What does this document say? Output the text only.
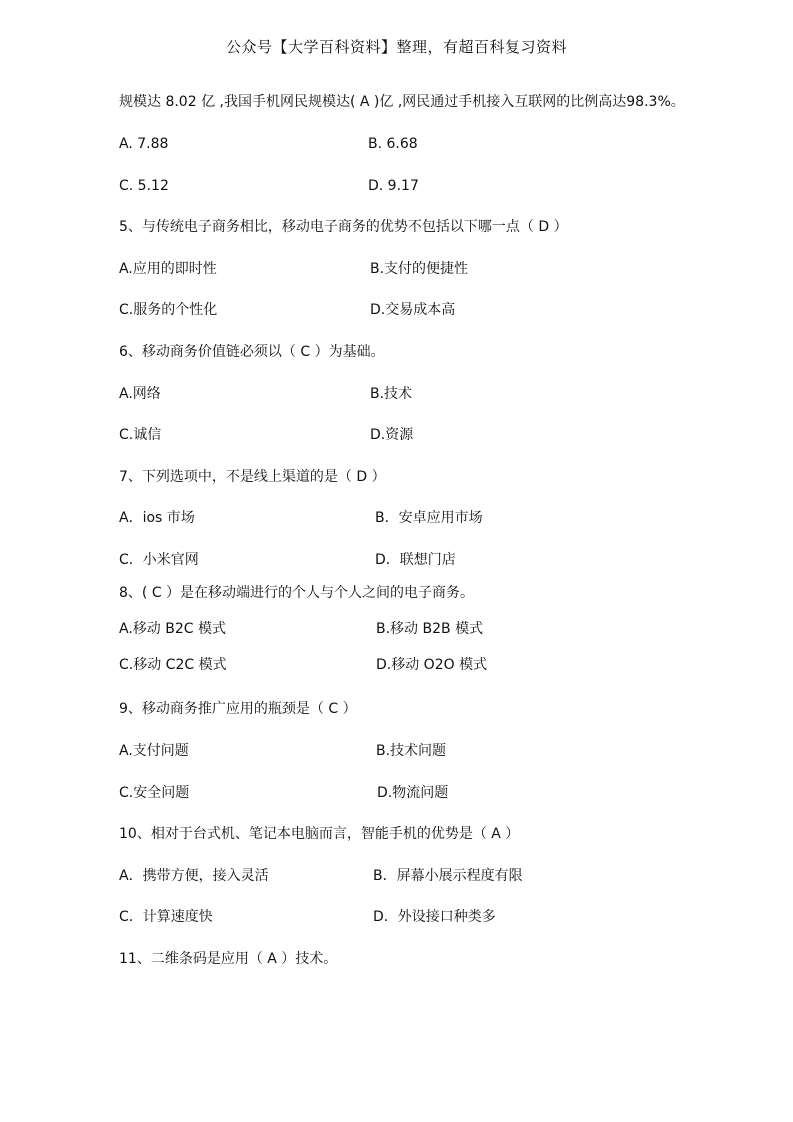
公众号【大学百科资料】整理，有超百科复习资料
规模达 8.02 亿 ,我国手机网民规模达( A )亿 ,网民通过手机接入互联网的比例高达98.3%。
A. 7.88	B. 6.68
C. 5.12	D. 9.17
5、与传统电子商务相比，移动电子商务的优势不包括以下哪一点（ D ）
A.应用的即时性	B.支付的便捷性
C.服务的个性化	D.交易成本高
6、移动商务价值链必须以（ C ）为基础。
A.网络	B.技术
C.诚信	D.资源
7、下列选项中，不是线上渠道的是（ D ）
A．ios 市场	B．安卓应用市场
C．小米官网	D．联想门店
8、( C ）是在移动端进行的个人与个人之间的电子商务。
A.移动 B2C 模式	B.移动 B2B 模式
C.移动 C2C 模式	D.移动 O2O 模式
9、移动商务推广应用的瓶颈是（ C ）
A.支付问题	B.技术问题
C.安全问题	D.物流问题
10、相对于台式机、笔记本电脑而言，智能手机的优势是（ A ）
A．携带方便，接入灵活	B．屏幕小展示程度有限
C．计算速度快	D．外设接口种类多
11、二维条码是应用（ A ）技术。
